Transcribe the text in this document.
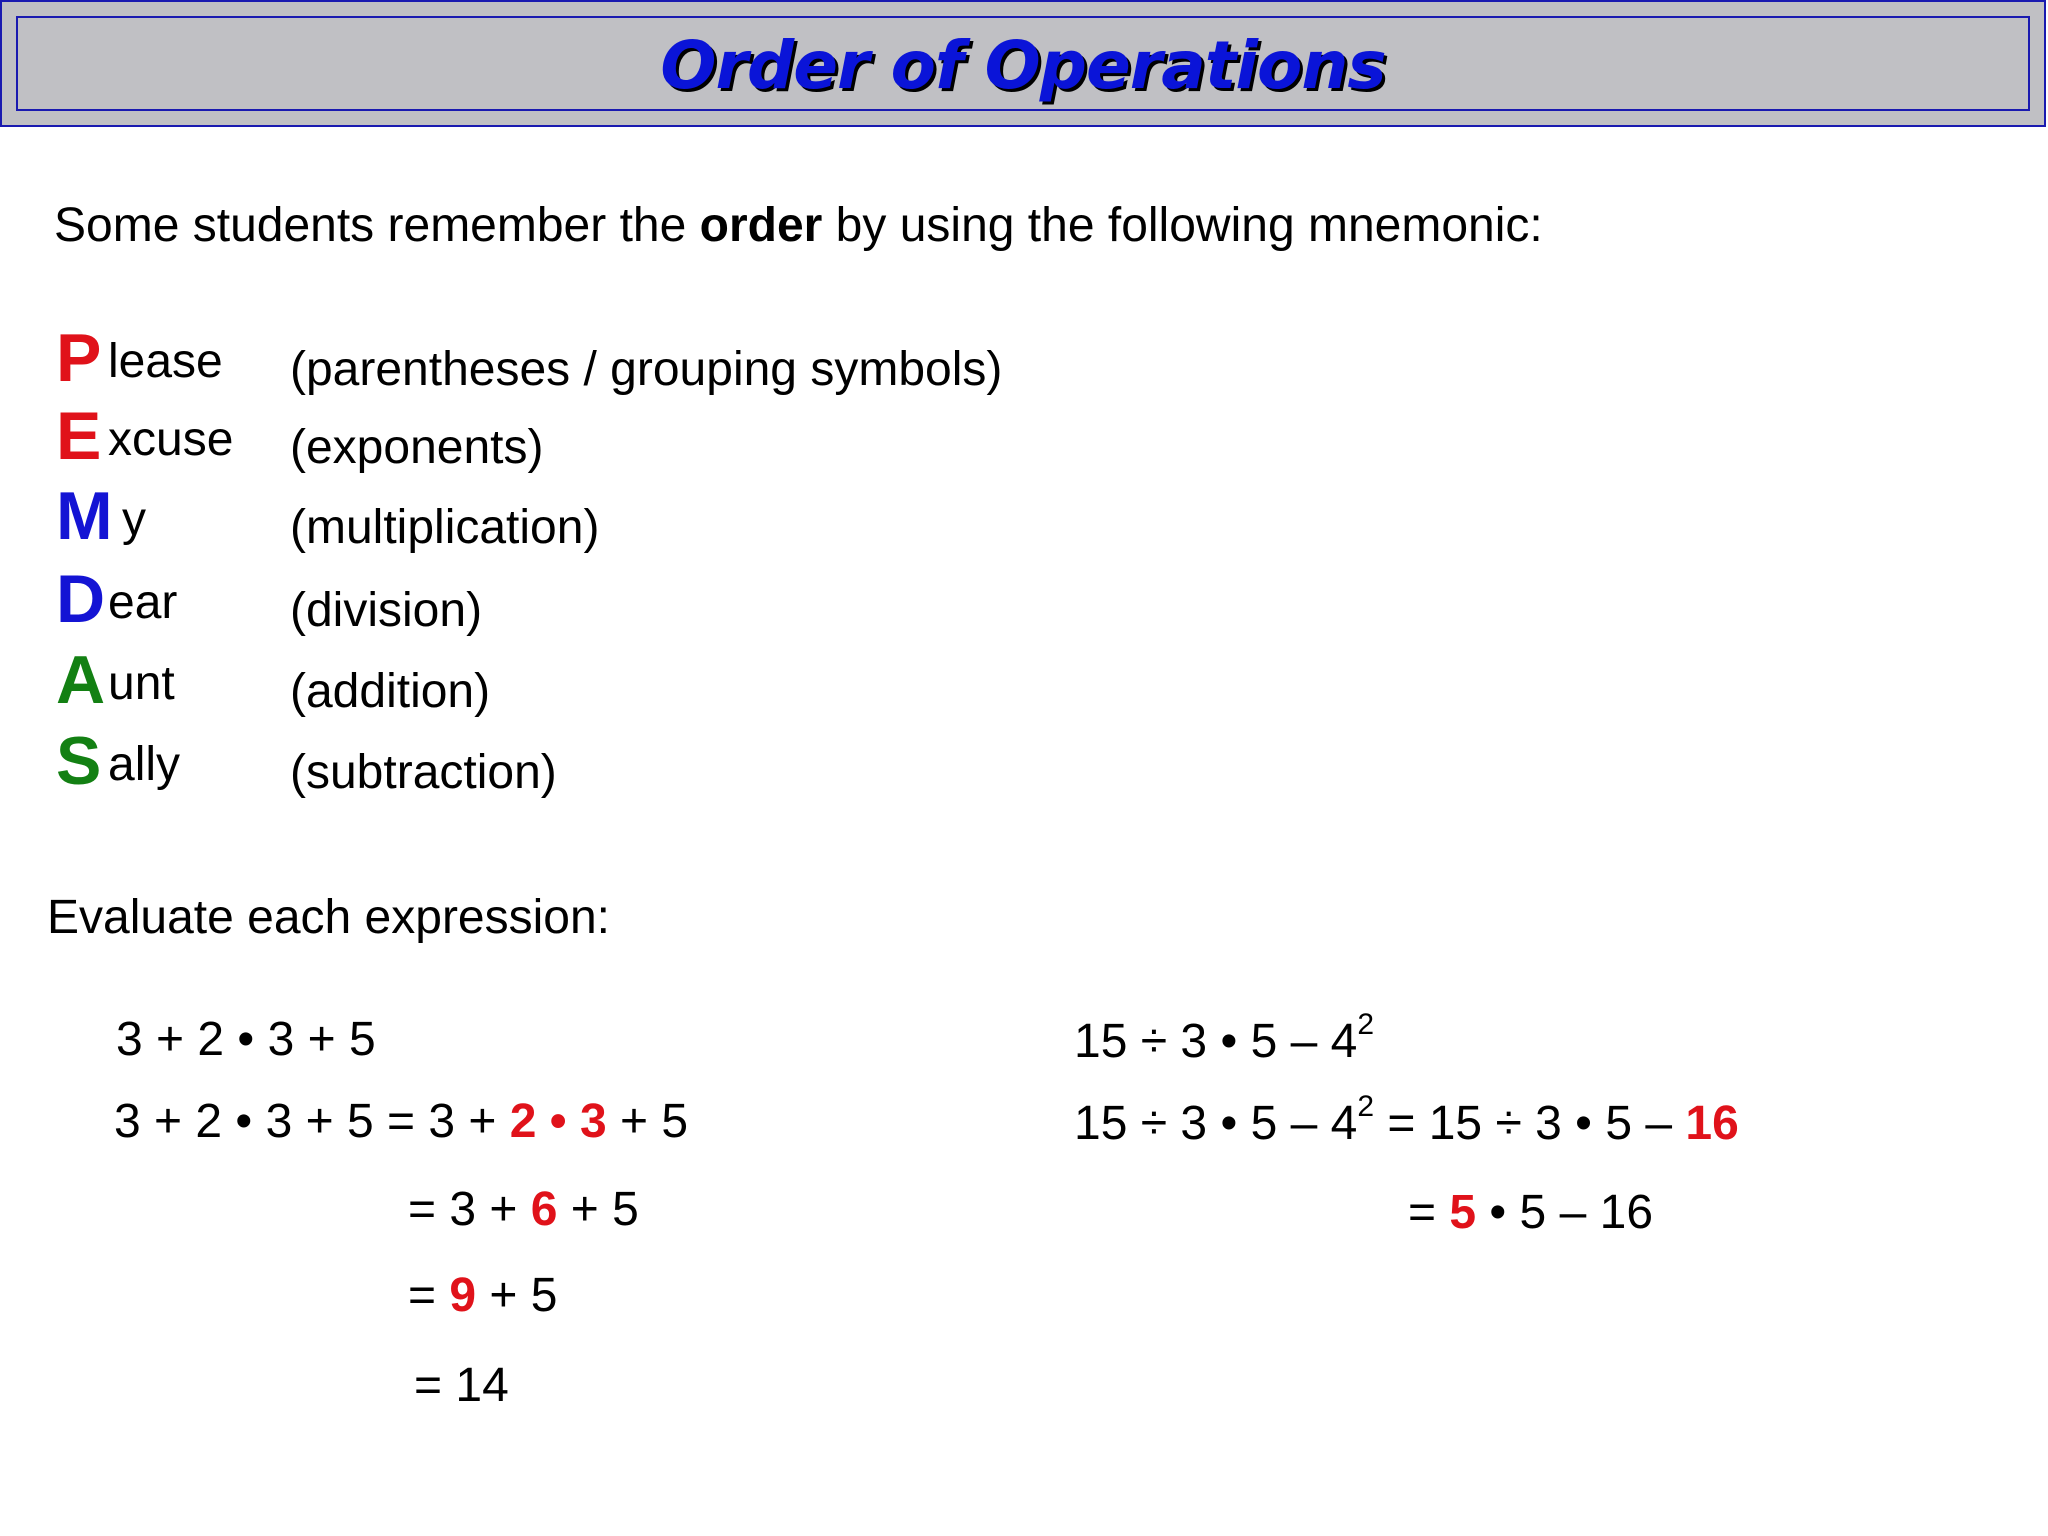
Order of Operations
Some students remember the order by using the following mnemonic:
P lease (parentheses / grouping symbols)
E xcuse (exponents)
M y	(multiplication)
D ear (division)
A unt (addition)
S ally (subtraction)
Evaluate each expression:
3 + 2 • 3 + 5
3 + 2 • 3 + 5 = 3 + 2 • 3 + 5
= 3 + 6 + 5
= 9 + 5
= 14
15 ÷ 3 • $5 - 4^2$
15 ÷ 3 • $5 - 4^2 = 15 \div 3$ • 5 – 16
= 5 • 5 – 16
